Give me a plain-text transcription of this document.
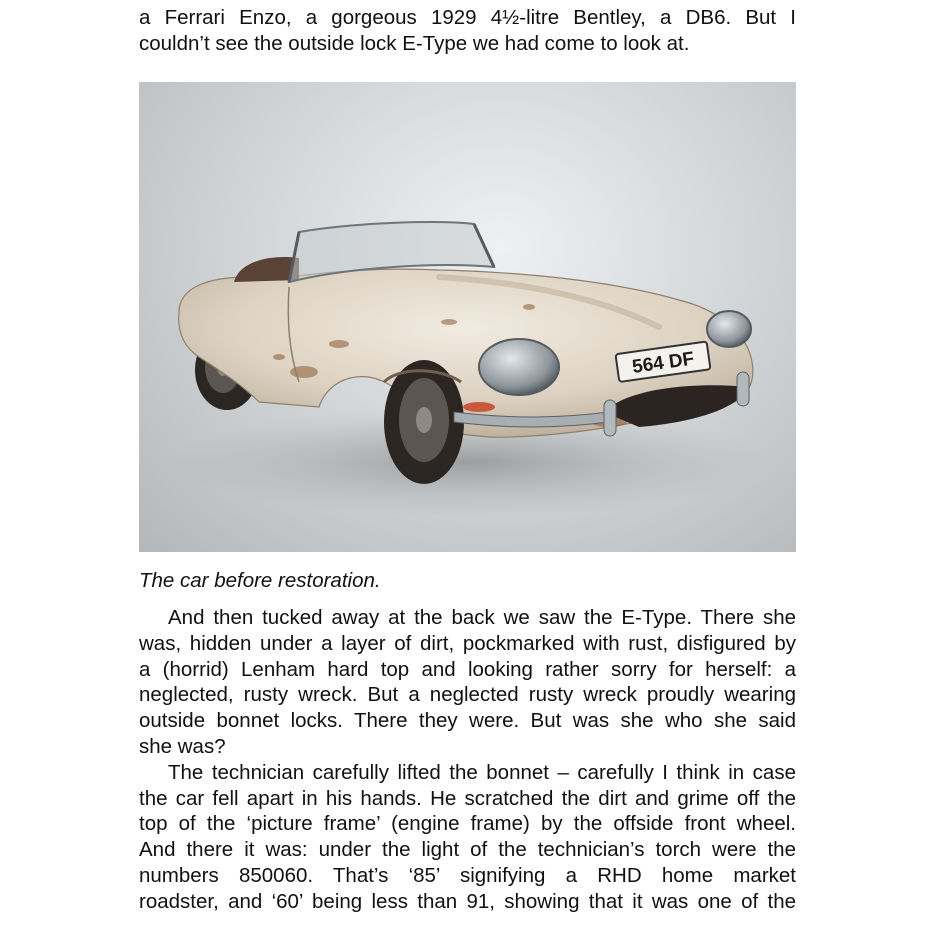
a Ferrari Enzo, a gorgeous 1929 4½-litre Bentley, a DB6. But I
couldn’t see the outside lock E-Type we had come to look at.
564 DF
The car before restoration.
And then tucked away at the back we saw the E-Type. There she
was, hidden under a layer of dirt, pockmarked with rust, disfigured by
a (horrid) Lenham hard top and looking rather sorry for herself: a
neglected, rusty wreck. But a neglected rusty wreck proudly wearing
outside bonnet locks. There they were. But was she who she said
she was?
The technician carefully lifted the bonnet – carefully I think in case
the car fell apart in his hands. He scratched the dirt and grime off the
top of the ‘picture frame’ (engine frame) by the offside front wheel.
And there it was: under the light of the technician’s torch were the
numbers 850060. That’s ‘85’ signifying a RHD home market
roadster, and ‘60’ being less than 91, showing that it was one of the
